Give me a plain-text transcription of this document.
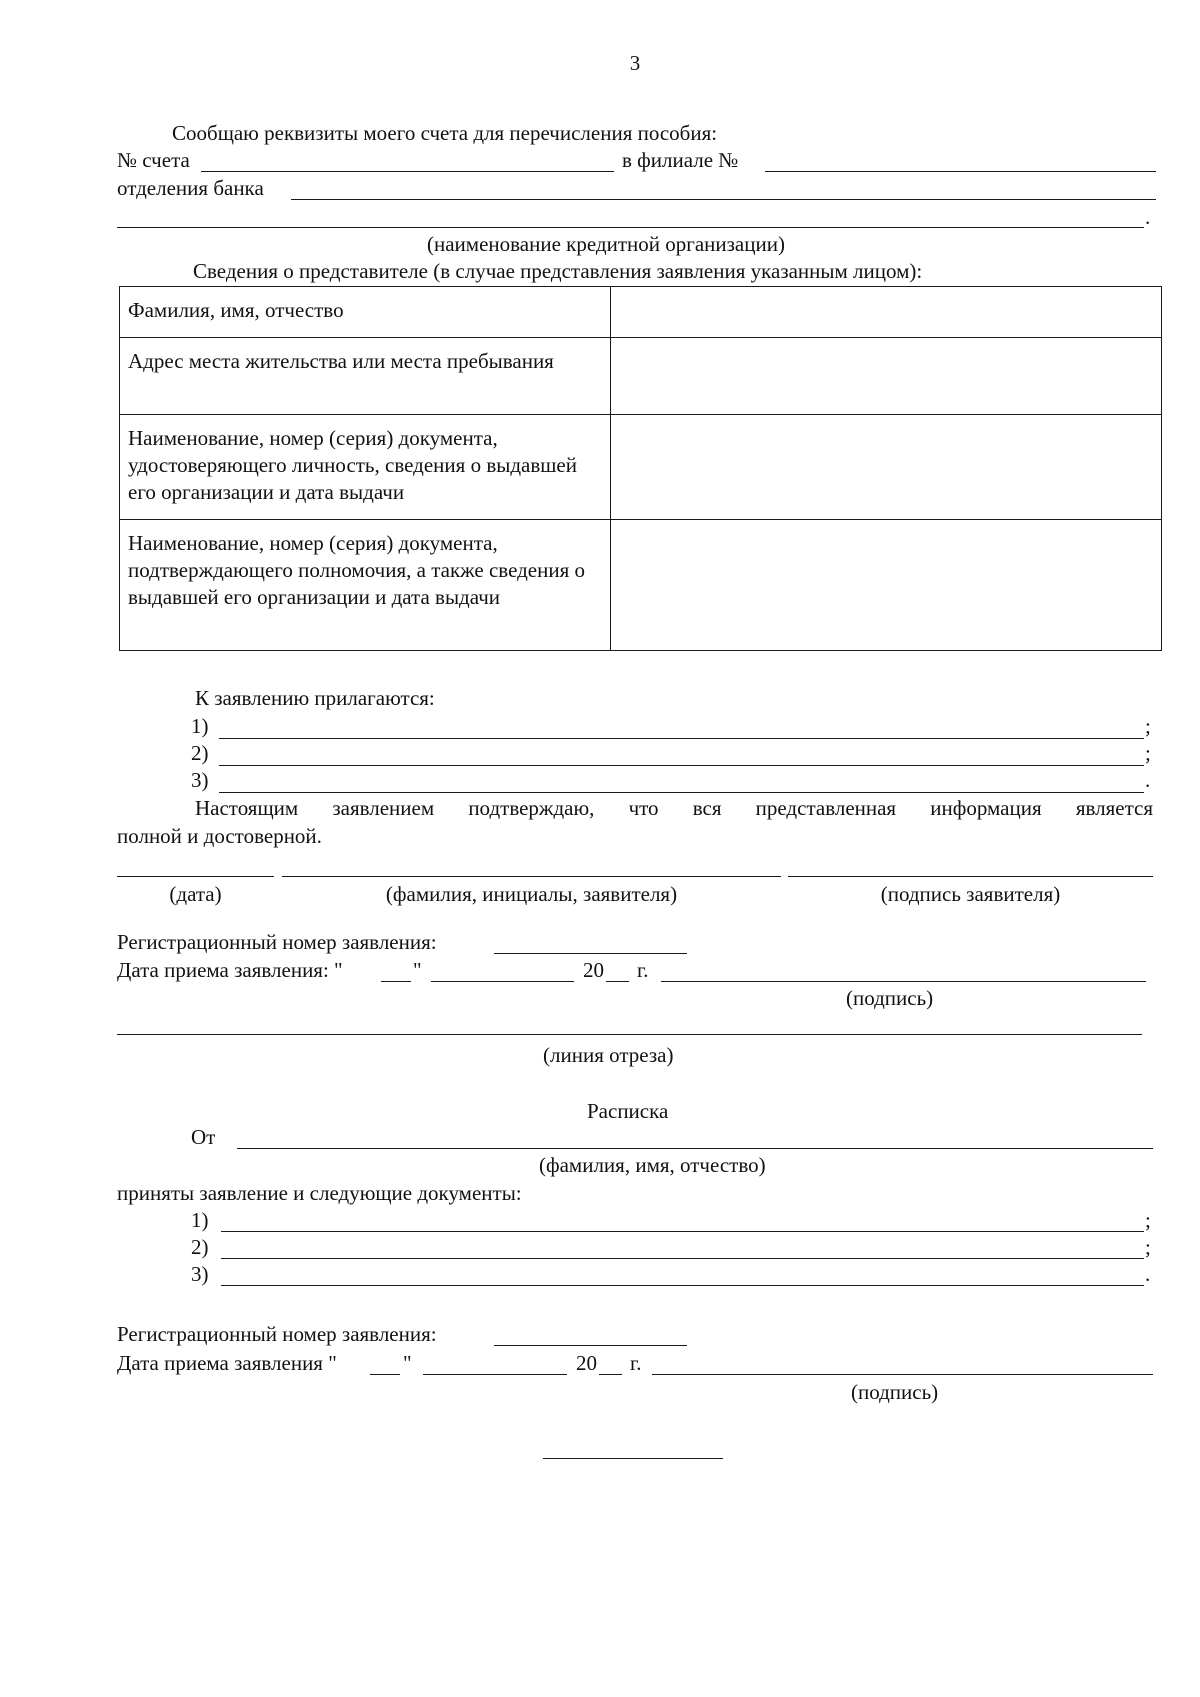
3
Сообщаю реквизиты моего счета для перечисления пособия:
№ счета	в филиале №
отделения банка
.
(наименование кредитной организации)
Сведения о представителе (в случае представления заявления указанным лицом):
Фамилия, имя, отчество	
Адрес места жительства или места пребывания	
Наименование, номер (серия) документа, удостоверяющего личность, сведения о выдавшей его организации и дата выдачи	
Наименование, номер (серия) документа, подтверждающего полномочия, а также сведения о выдавшей его организации и дата выдачи	
К заявлению прилагаются:
1)	;
2)	;
3)	.
Настоящим заявлением подтверждаю, что вся представленная информация является
полной и достоверной.
(дата)	(фамилия, инициалы, заявителя)	(подпись заявителя)
Регистрационный номер заявления:
Дата приема заявления: "	"	20 г.
(подпись)
(линия отреза)
Расписка
От
(фамилия, имя, отчество)
приняты заявление и следующие документы:
1)	;
2)	;
3)	.
Регистрационный номер заявления:
Дата приема заявления "	"	20 г.
(подпись)
